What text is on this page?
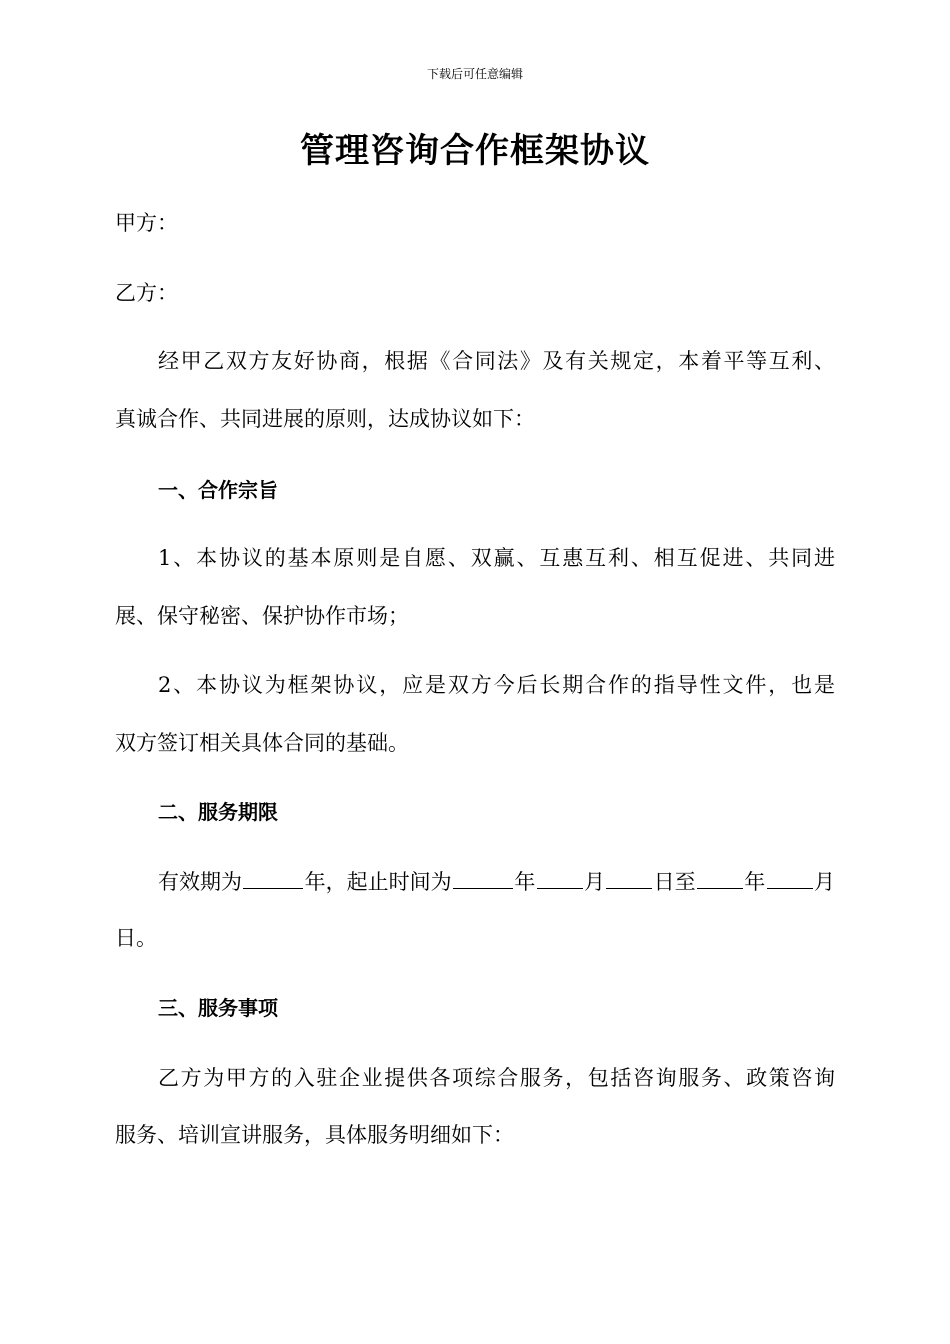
下载后可任意编辑
管理咨询合作框架协议
甲方：
乙方：
经甲乙双方友好协商，根据《合同法》及有关规定，本着平等互利、
真诚合作、共同进展的原则，达成协议如下：
一、合作宗旨
1、本协议的基本原则是自愿、双赢、互惠互利、相互促进、共同进
展、保守秘密、保护协作市场；
2、本协议为框架协议，应是双方今后长期合作的指导性文件，也是
双方签订相关具体合同的基础。
二、服务期限
有效期为	年，起止时间为	年 月 日至 年 月
日。
三、服务事项
乙方为甲方的入驻企业提供各项综合服务，包括咨询服务、政策咨询
服务、培训宣讲服务，具体服务明细如下：
